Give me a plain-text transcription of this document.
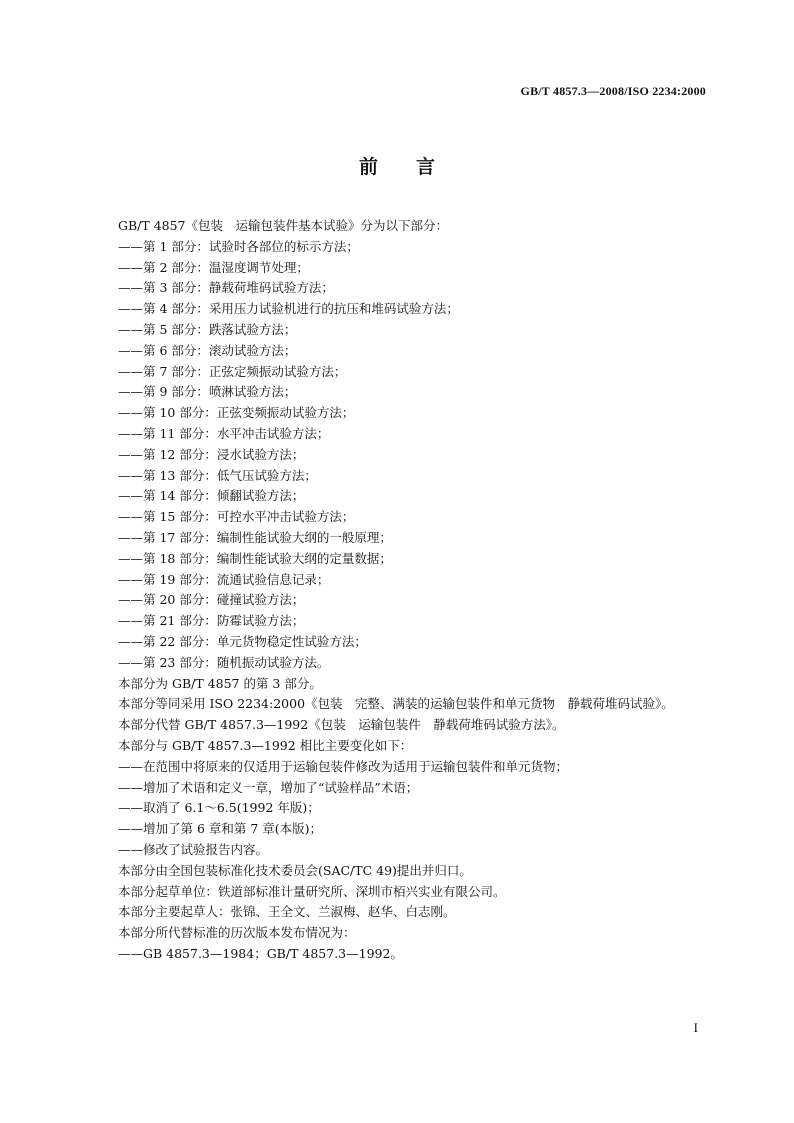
GB/T 4857.3—2008/ISO 2234:2000
前言
GB/T 4857《包装　运输包装件基本试验》分为以下部分：
——第 1 部分：试验时各部位的标示方法；
——第 2 部分：温湿度调节处理；
——第 3 部分：静载荷堆码试验方法；
——第 4 部分：采用压力试验机进行的抗压和堆码试验方法；
——第 5 部分：跌落试验方法；
——第 6 部分：滚动试验方法；
——第 7 部分：正弦定频振动试验方法；
——第 9 部分：喷淋试验方法；
——第 10 部分：正弦变频振动试验方法；
——第 11 部分：水平冲击试验方法；
——第 12 部分：浸水试验方法；
——第 13 部分：低气压试验方法；
——第 14 部分：倾翻试验方法；
——第 15 部分：可控水平冲击试验方法；
——第 17 部分：编制性能试验大纲的一般原理；
——第 18 部分：编制性能试验大纲的定量数据；
——第 19 部分：流通试验信息记录；
——第 20 部分：碰撞试验方法；
——第 21 部分：防霉试验方法；
——第 22 部分：单元货物稳定性试验方法；
——第 23 部分：随机振动试验方法。
本部分为 GB/T 4857 的第 3 部分。
本部分等同采用 ISO 2234:2000《包装　完整、满装的运输包装件和单元货物　静载荷堆码试验》。
本部分代替 GB/T 4857.3—1992《包装　运输包装件　静载荷堆码试验方法》。
本部分与 GB/T 4857.3—1992 相比主要变化如下：
——在范围中将原来的仅适用于运输包装件修改为适用于运输包装件和单元货物；
——增加了术语和定义一章，增加了“试验样品”术语；
——取消了 6.1～6.5(1992 年版)；
——增加了第 6 章和第 7 章(本版)；
——修改了试验报告内容。
本部分由全国包装标准化技术委员会(SAC/TC 49)提出并归口。
本部分起草单位：铁道部标准计量研究所、深圳市栢兴实业有限公司。
本部分主要起草人：张锦、王全文、兰淑梅、赵华、白志刚。
本部分所代替标准的历次版本发布情况为：
——GB 4857.3—1984；GB/T 4857.3—1992。
I
